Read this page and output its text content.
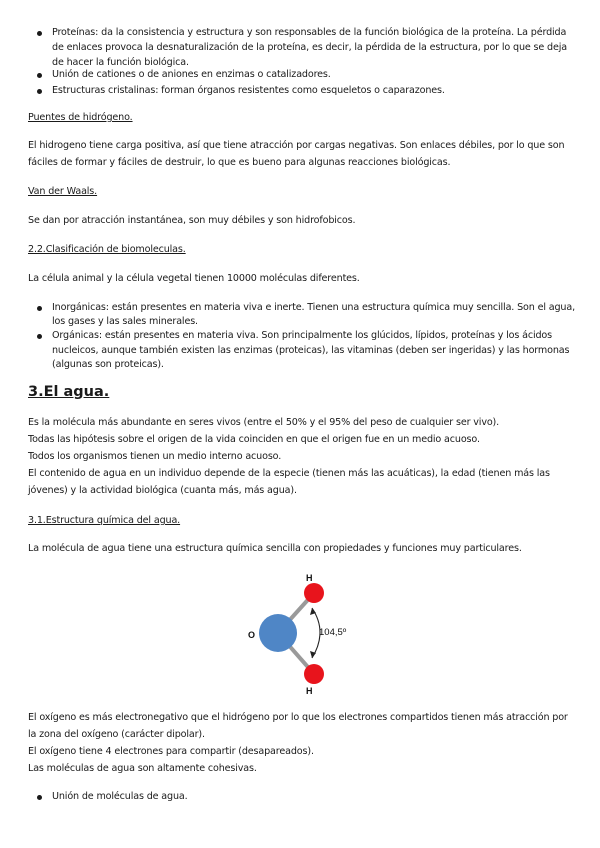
Proteínas: da la consistencia y estructura y son responsables de la función biológica de la proteína. La pérdida
de enlaces provoca la desnaturalización de la proteína, es decir, la pérdida de la estructura, por lo que se deja
de hacer la función biológica.
Unión de cationes o de aniones en enzimas o catalizadores.
Estructuras cristalinas: forman órganos resistentes como esqueletos o caparazones.
Puentes de hidrógeno.
El hidrogeno tiene carga positiva, así que tiene atracción por cargas negativas. Son enlaces débiles, por lo que son
fáciles de formar y fáciles de destruir, lo que es bueno para algunas reacciones biológicas.
Van der Waals.
Se dan por atracción instantánea, son muy débiles y son hidrofobicos.
2.2.Clasificación de biomoleculas.
La célula animal y la célula vegetal tienen 10000 moléculas diferentes.
Inorgánicas: están presentes en materia viva e inerte. Tienen una estructura química muy sencilla. Son el agua,
los gases y las sales minerales.
Orgánicas: están presentes en materia viva. Son principalmente los glúcidos, lípidos, proteínas y los ácidos
nucleicos, aunque también existen las enzimas (proteicas), las vitaminas (deben ser ingeridas) y las hormonas
(algunas son proteicas).
3.El agua.
Es la molécula más abundante en seres vivos (entre el 50% y el 95% del peso de cualquier ser vivo).
Todas las hipótesis sobre el origen de la vida coinciden en que el origen fue en un medio acuoso.
Todos los organismos tienen un medio interno acuoso.
El contenido de agua en un individuo depende de la especie (tienen más las acuáticas), la edad (tienen más las
jóvenes) y la actividad biológica (cuanta más, más agua).
3.1.Estructura química del agua.
La molécula de agua tiene una estructura química sencilla con propiedades y funciones muy particulares.
O
H
H
104,5º
El oxígeno es más electronegativo que el hidrógeno por lo que los electrones compartidos tienen más atracción por
la zona del oxígeno (carácter dipolar).
El oxígeno tiene 4 electrones para compartir (desapareados).
Las moléculas de agua son altamente cohesivas.
Unión de moléculas de agua.
